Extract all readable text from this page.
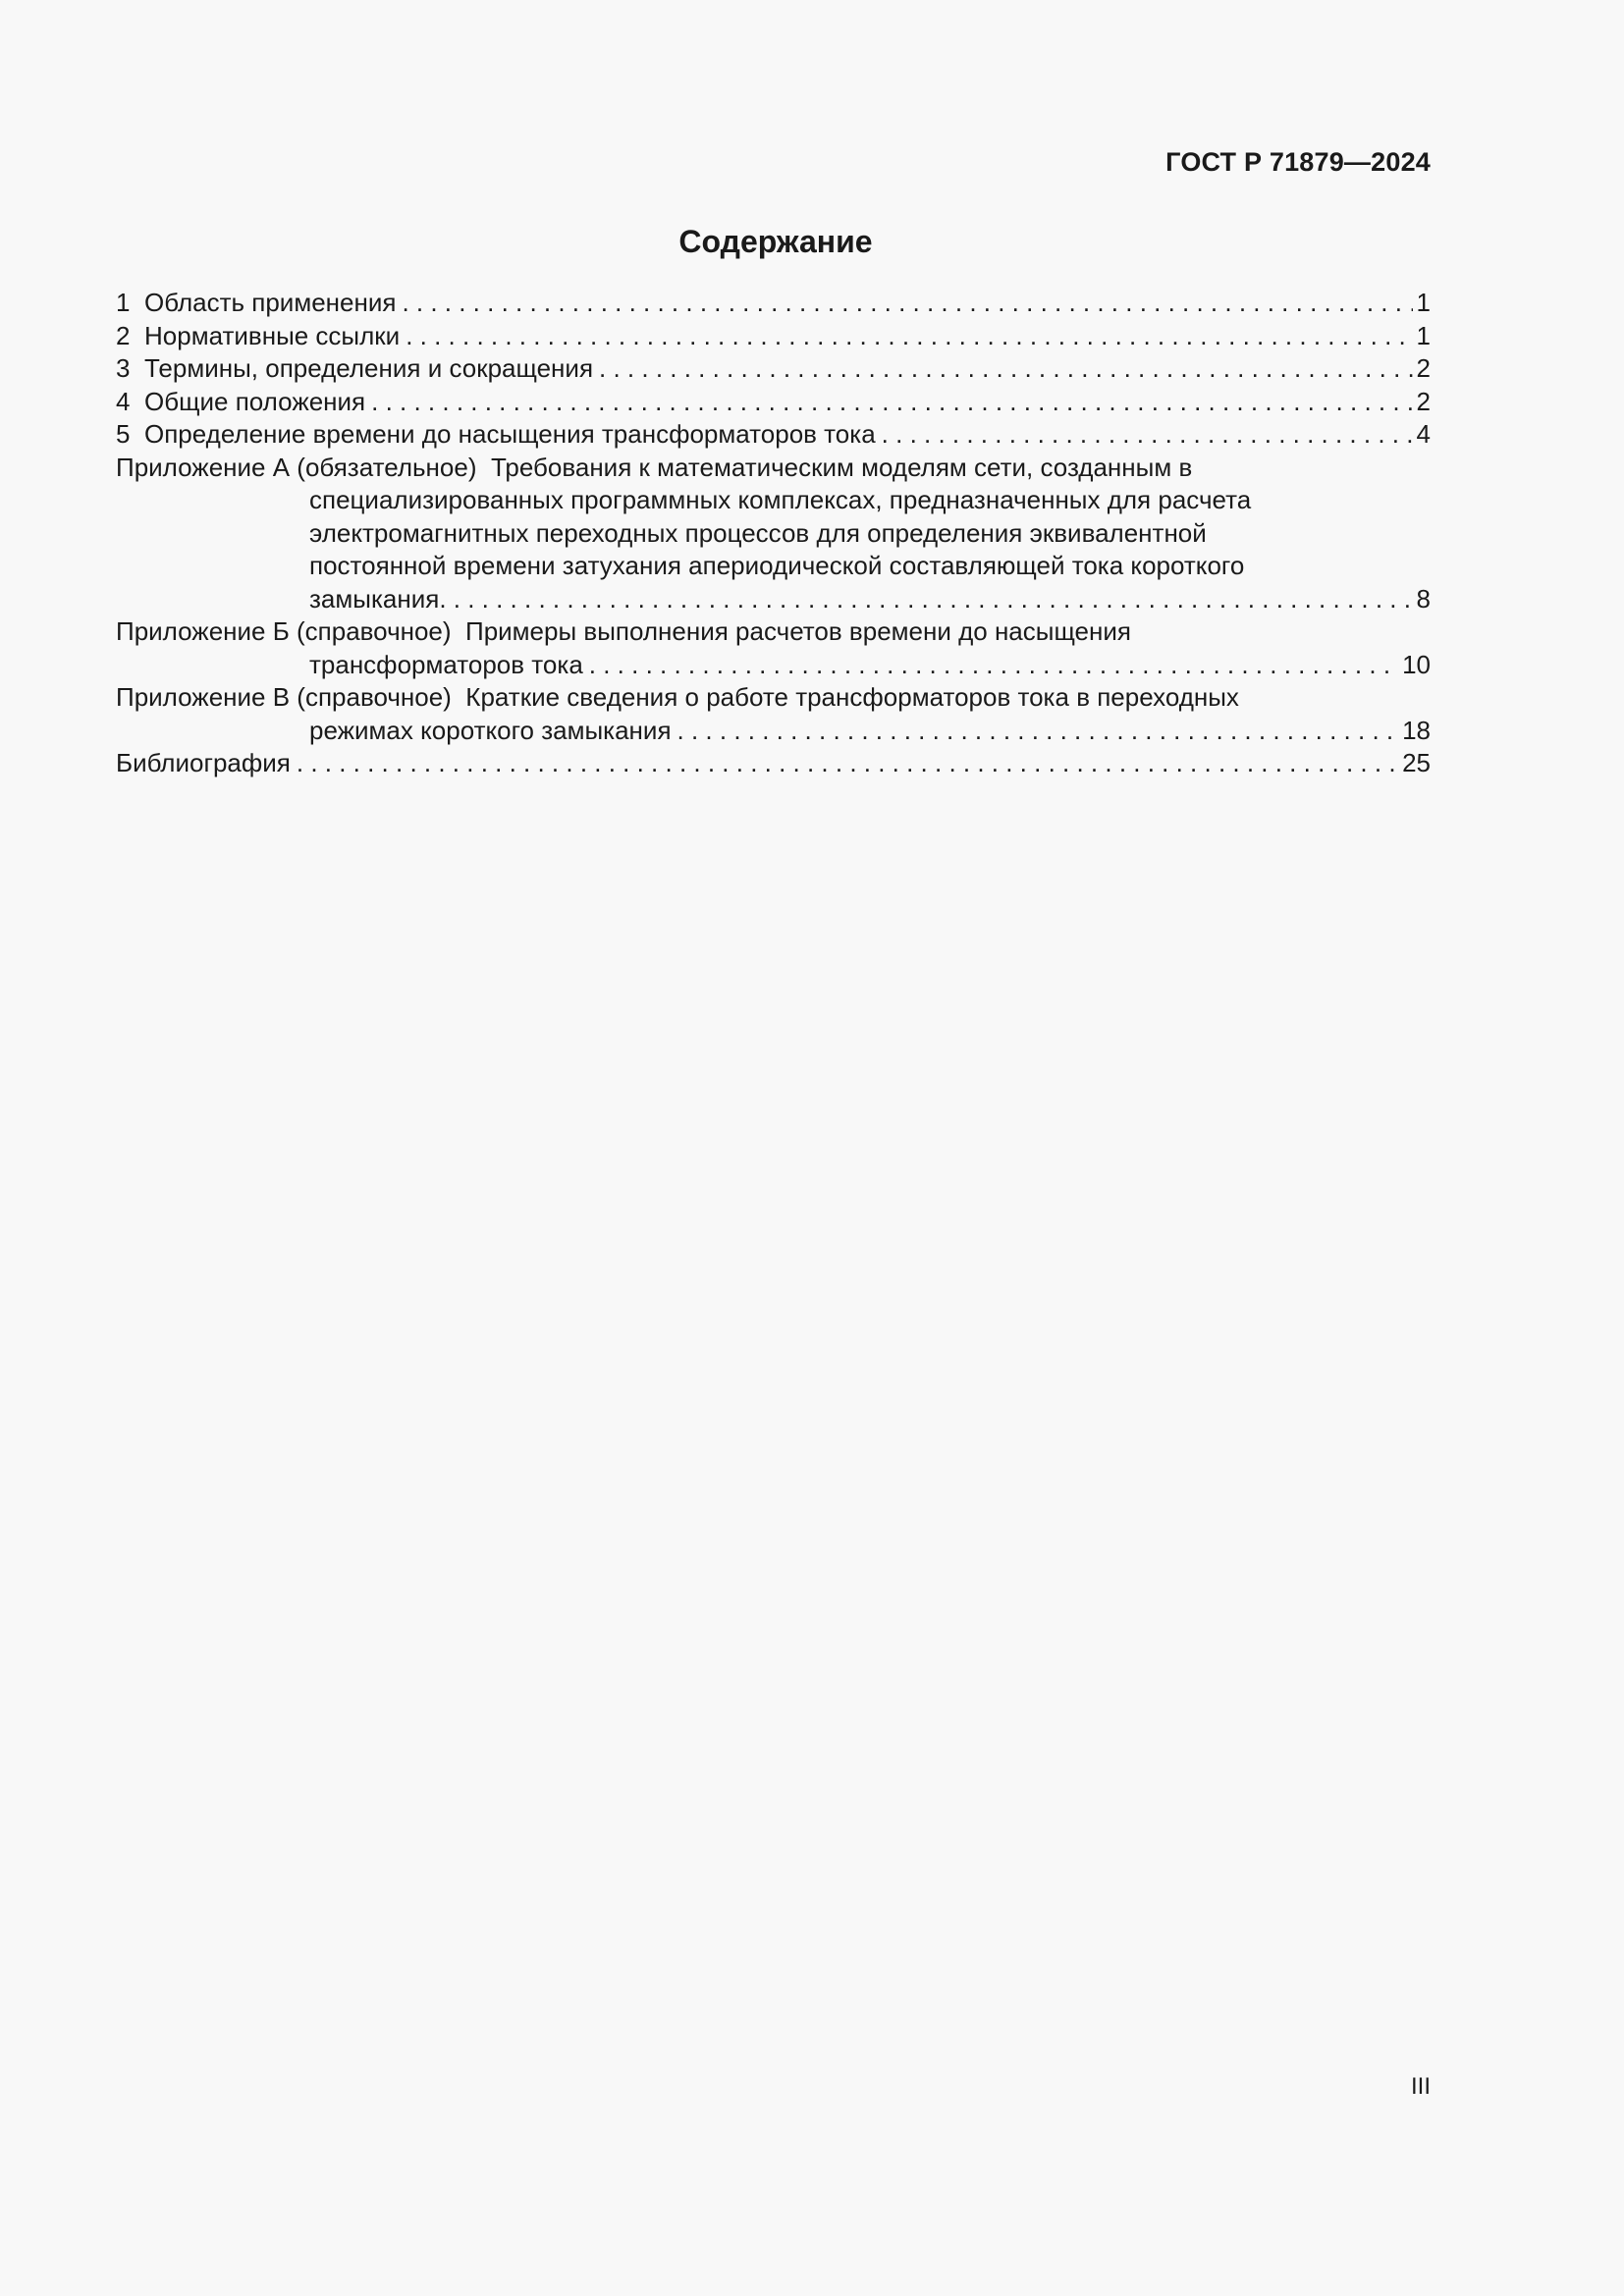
ГОСТ Р 71879—2024
Содержание
1 Область применения . . .	1
2 Нормативные ссылки . . .	1
3 Термины, определения и сокращения . . .	2
4 Общие положения . . .	2
5 Определение времени до насыщения трансформаторов тока . . .	4
Приложение А (обязательное) Требования к математическим моделям сети, созданным в
специализированных программных комплексах, предназначенных для расчета
электромагнитных переходных процессов для определения эквивалентной
постоянной времени затухания апериодической составляющей тока короткого
замыкания . . .	8
Приложение Б (справочное) Примеры выполнения расчетов времени до насыщения
трансформаторов тока . . .	10
Приложение В (справочное) Краткие сведения о работе трансформаторов тока в переходных
режимах короткого замыкания . . .	18
Библиография . . .	25
III
